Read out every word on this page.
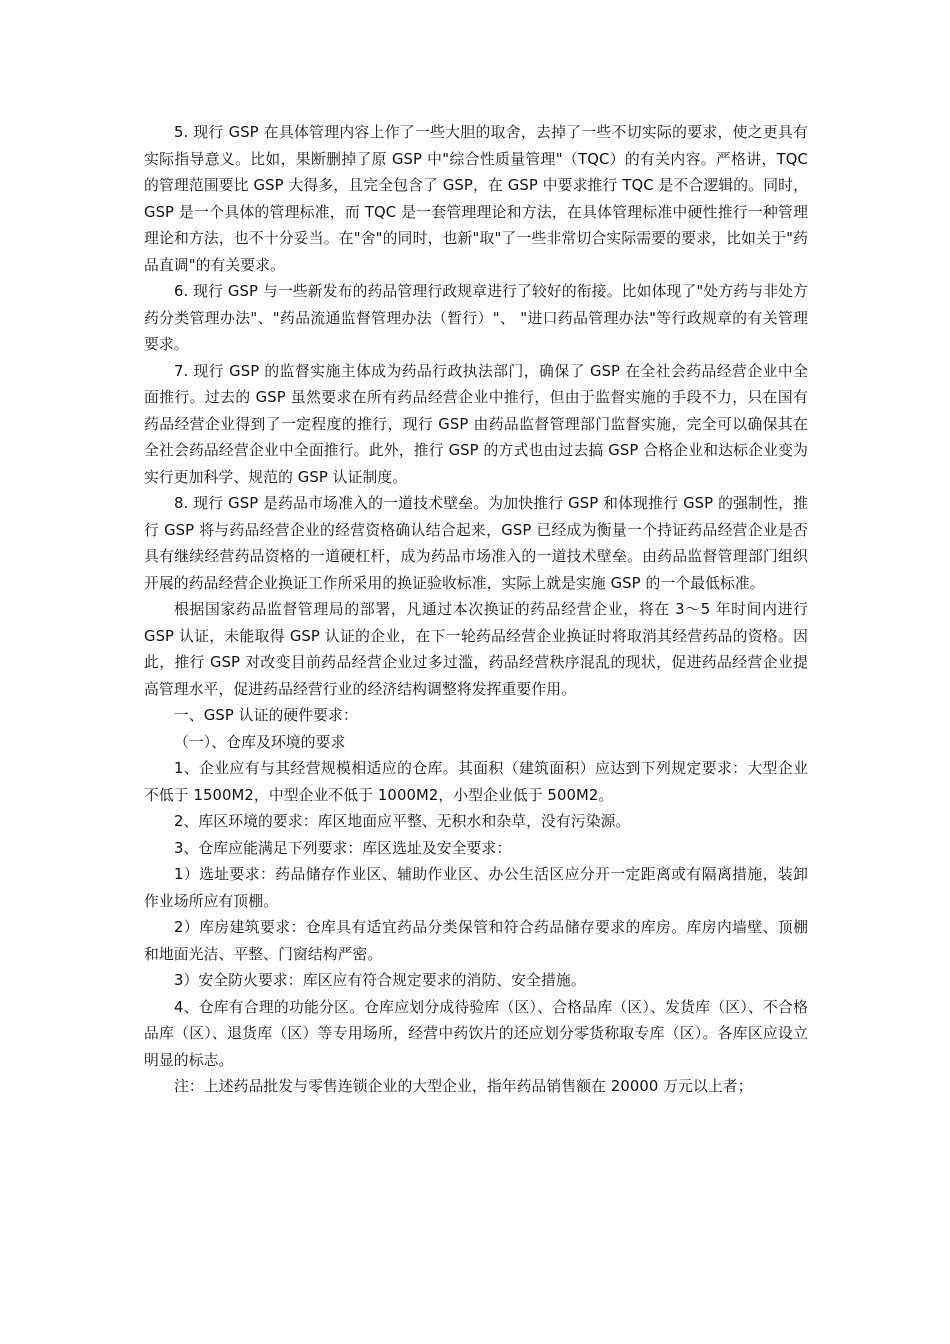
5. 现行 GSP 在具体管理内容上作了一些大胆的取舍，去掉了一些不切实际的要求，使之更具有实际指导意义。比如，果断删掉了原 GSP 中"综合性质量管理"（TQC）的有关内容。严格讲，TQC 的管理范围要比 GSP 大得多，且完全包含了 GSP，在 GSP 中要求推行 TQC 是不合逻辑的。同时，GSP 是一个具体的管理标准，而 TQC 是一套管理理论和方法，在具体管理标准中硬性推行一种管理理论和方法，也不十分妥当。在"舍"的同时，也新"取"了一些非常切合实际需要的要求，比如关于"药品直调"的有关要求。

6. 现行 GSP 与一些新发布的药品管理行政规章进行了较好的衔接。比如体现了"处方药与非处方药分类管理办法"、"药品流通监督管理办法（暂行）"、 "进口药品管理办法"等行政规章的有关管理要求。

7. 现行 GSP 的监督实施主体成为药品行政执法部门，确保了 GSP 在全社会药品经营企业中全面推行。过去的 GSP 虽然要求在所有药品经营企业中推行，但由于监督实施的手段不力，只在国有药品经营企业得到了一定程度的推行，现行 GSP 由药品监督管理部门监督实施，完全可以确保其在全社会药品经营企业中全面推行。此外，推行 GSP 的方式也由过去搞 GSP 合格企业和达标企业变为实行更加科学、规范的 GSP 认证制度。

8. 现行 GSP 是药品市场准入的一道技术壁垒。为加快推行 GSP 和体现推行 GSP 的强制性，推行 GSP 将与药品经营企业的经营资格确认结合起来，GSP 已经成为衡量一个持证药品经营企业是否具有继续经营药品资格的一道硬杠杆，成为药品市场准入的一道技术壁垒。由药品监督管理部门组织开展的药品经营企业换证工作所采用的换证验收标准，实际上就是实施 GSP 的一个最低标准。

根据国家药品监督管理局的部署，凡通过本次换证的药品经营企业，将在 3～5 年时间内进行 GSP 认证，未能取得 GSP 认证的企业，在下一轮药品经营企业换证时将取消其经营药品的资格。因此，推行 GSP 对改变目前药品经营企业过多过滥，药品经营秩序混乱的现状，促进药品经营企业提高管理水平，促进药品经营行业的经济结构调整将发挥重要作用。

一、GSP 认证的硬件要求：

（一）、仓库及环境的要求

1、企业应有与其经营规模相适应的仓库。其面积（建筑面积）应达到下列规定要求：大型企业不低于 1500M2，中型企业不低于 1000M2，小型企业低于 500M2。

2、库区环境的要求：库区地面应平整、无积水和杂草，没有污染源。

3、仓库应能满足下列要求：库区选址及安全要求：

1）选址要求：药品储存作业区、辅助作业区、办公生活区应分开一定距离或有隔离措施，装卸作业场所应有顶棚。

2）库房建筑要求：仓库具有适宜药品分类保管和符合药品储存要求的库房。库房内墙壁、顶棚和地面光洁、平整、门窗结构严密。

3）安全防火要求：库区应有符合规定要求的消防、安全措施。

4、仓库有合理的功能分区。仓库应划分成待验库（区）、合格品库（区）、发货库（区）、不合格品库（区）、退货库（区）等专用场所，经营中药饮片的还应划分零货称取专库（区）。各库区应设立明显的标志。

注：上述药品批发与零售连锁企业的大型企业，指年药品销售额在 20000 万元以上者；
